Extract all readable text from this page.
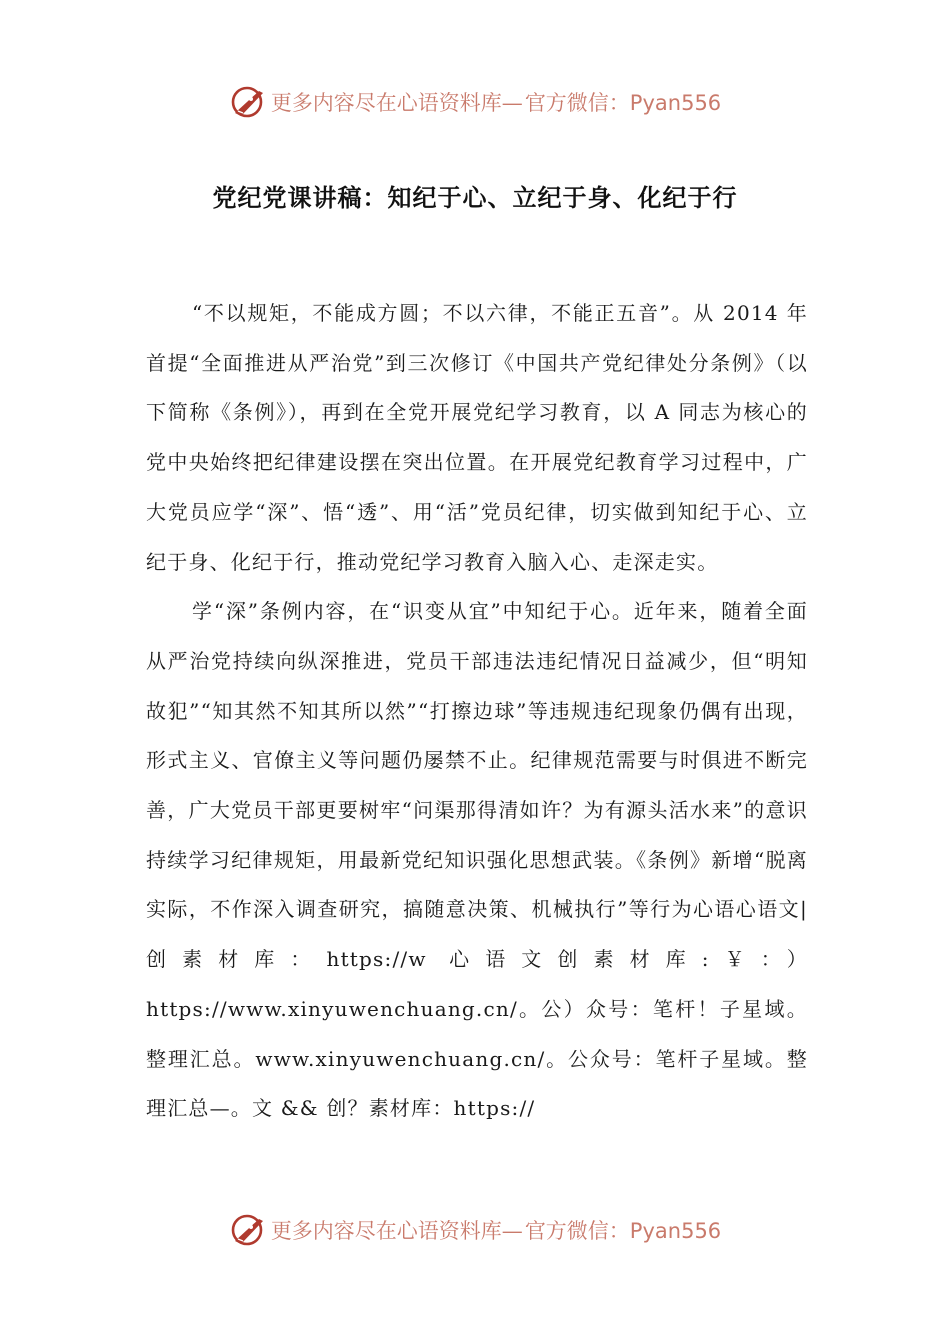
更多内容尽在心语资料库— 官方微信：Pyan556
党纪党课讲稿：知纪于心、立纪于身、化纪于行

“不以规矩，不能成方圆；不以六律，不能正五音”。从 2014 年首提“全面推进从严治党”到三次修订《中国共产党纪律处分条例》（以下简称《条例》），再到在全党开展党纪学习教育，以 A 同志为核心的党中央始终把纪律建设摆在突出位置。在开展党纪教育学习过程中，广大党员应学“深”、悟“透”、用“活”党员纪律，切实做到知纪于心、立纪于身、化纪于行，推动党纪学习教育入脑入心、走深走实。

学“深”条例内容，在“识变从宜”中知纪于心。近年来，随着全面从严治党持续向纵深推进，党员干部违法违纪情况日益减少，但“明知故犯”“知其然不知其所以然”“打擦边球”等违规违纪现象仍偶有出现，形式主义、官僚主义等问题仍屡禁不止。纪律规范需要与时俱进不断完善，广大党员干部更要树牢“问渠那得清如许？为有源头活水来”的意识持续学习纪律规矩，用最新党纪知识强化思想武装。《条例》新增“脱离实际，不作深入调查研究，搞随意决策、机械执行”等行为心语心语文|创素材库：https://w 心语文创素材库:￥：）https://www.xinyuwenchuang.cn/。公）众号：笔杆！子星域。整理汇总。www.xinyuwenchuang.cn/。公众号：笔杆子星域。整理汇总—。文 && 创？素材库：https://

更多内容尽在心语资料库— 官方微信：Pyan556
